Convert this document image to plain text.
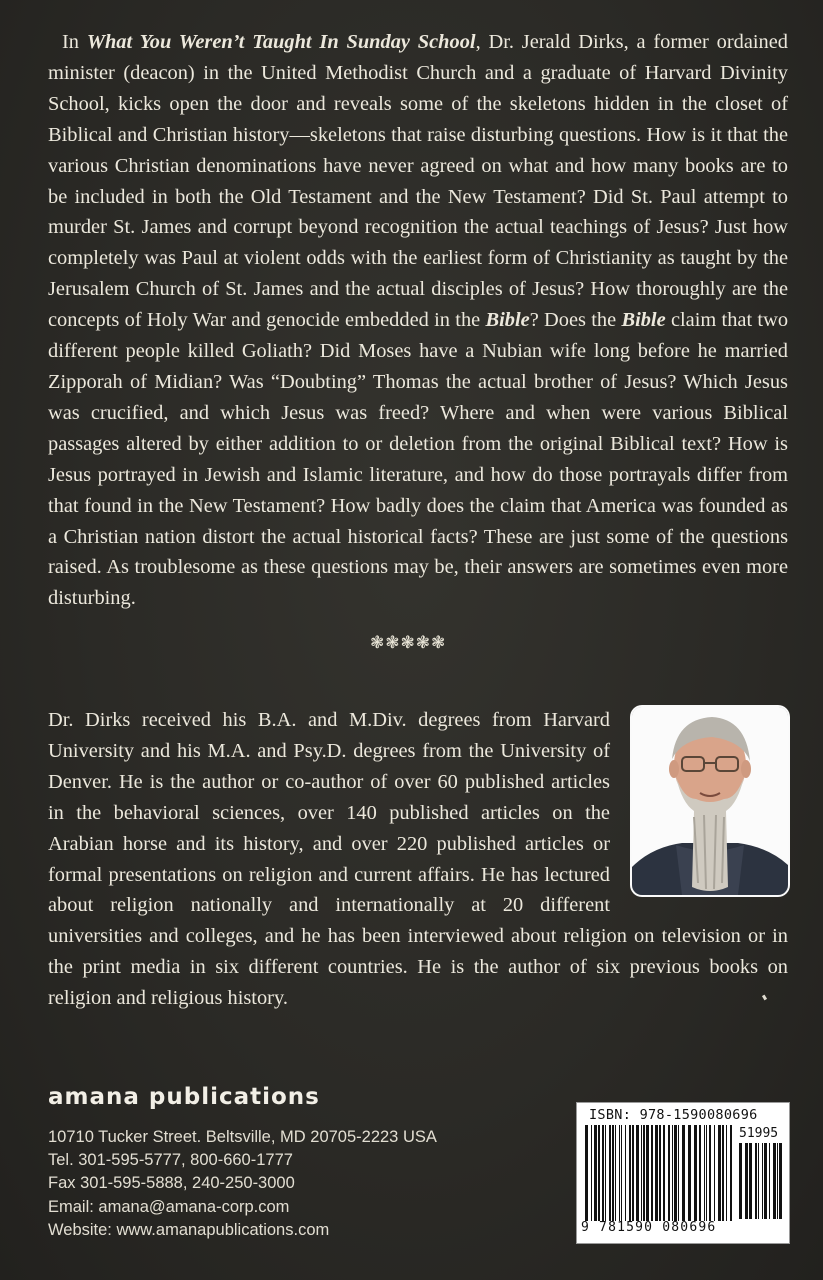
In What You Weren’t Taught In Sunday School, Dr. Jerald Dirks, a former ordained minister (deacon) in the United Methodist Church and a graduate of Harvard Divinity School, kicks open the door and reveals some of the skeletons hidden in the closet of Biblical and Christian history—skeletons that raise disturbing questions. How is it that the various Christian denominations have never agreed on what and how many books are to be included in both the Old Testament and the New Testament? Did St. Paul attempt to murder St. James and corrupt beyond recognition the actual teachings of Jesus? Just how completely was Paul at violent odds with the earliest form of Christianity as taught by the Jerusalem Church of St. James and the actual disciples of Jesus? How thoroughly are the concepts of Holy War and genocide embedded in the Bible? Does the Bible claim that two different people killed Goliath? Did Moses have a Nubian wife long before he married Zipporah of Midian? Was “Doubting” Thomas the actual brother of Jesus? Which Jesus was crucified, and which Jesus was freed? Where and when were various Biblical passages altered by either addition to or deletion from the original Biblical text? How is Jesus portrayed in Jewish and Islamic literature, and how do those portrayals differ from that found in the New Testament? How badly does the claim that America was founded as a Christian nation distort the actual historical facts? These are just some of the questions raised. As troublesome as these questions may be, their answers are sometimes even more disturbing.

❃❃❃❃❃
Dr. Dirks received his B.A. and M.Div. degrees from Harvard University and his M.A. and Psy.D. degrees from the University of Denver. He is the author or co-author of over 60 published articles in the behavioral sciences, over 140 published articles on the Arabian horse and its history, and over 220 published articles or formal presentations on religion and current affairs. He has lectured about religion nationally and internationally at 20 different universities and colleges, and he has been interviewed about religion on television or in the print media in six different countries. He is the author of six previous books on religion and religious history.
amana publications
10710 Tucker Street. Beltsville, MD 20705-2223 USA
Tel. 301-595-5777, 800-660-1777
Fax 301-595-5888, 240-250-3000
Email: amana@amana-corp.com
Website: www.amanapublications.com
ISBN: 978-1590080696
51995
9 781590 080696
